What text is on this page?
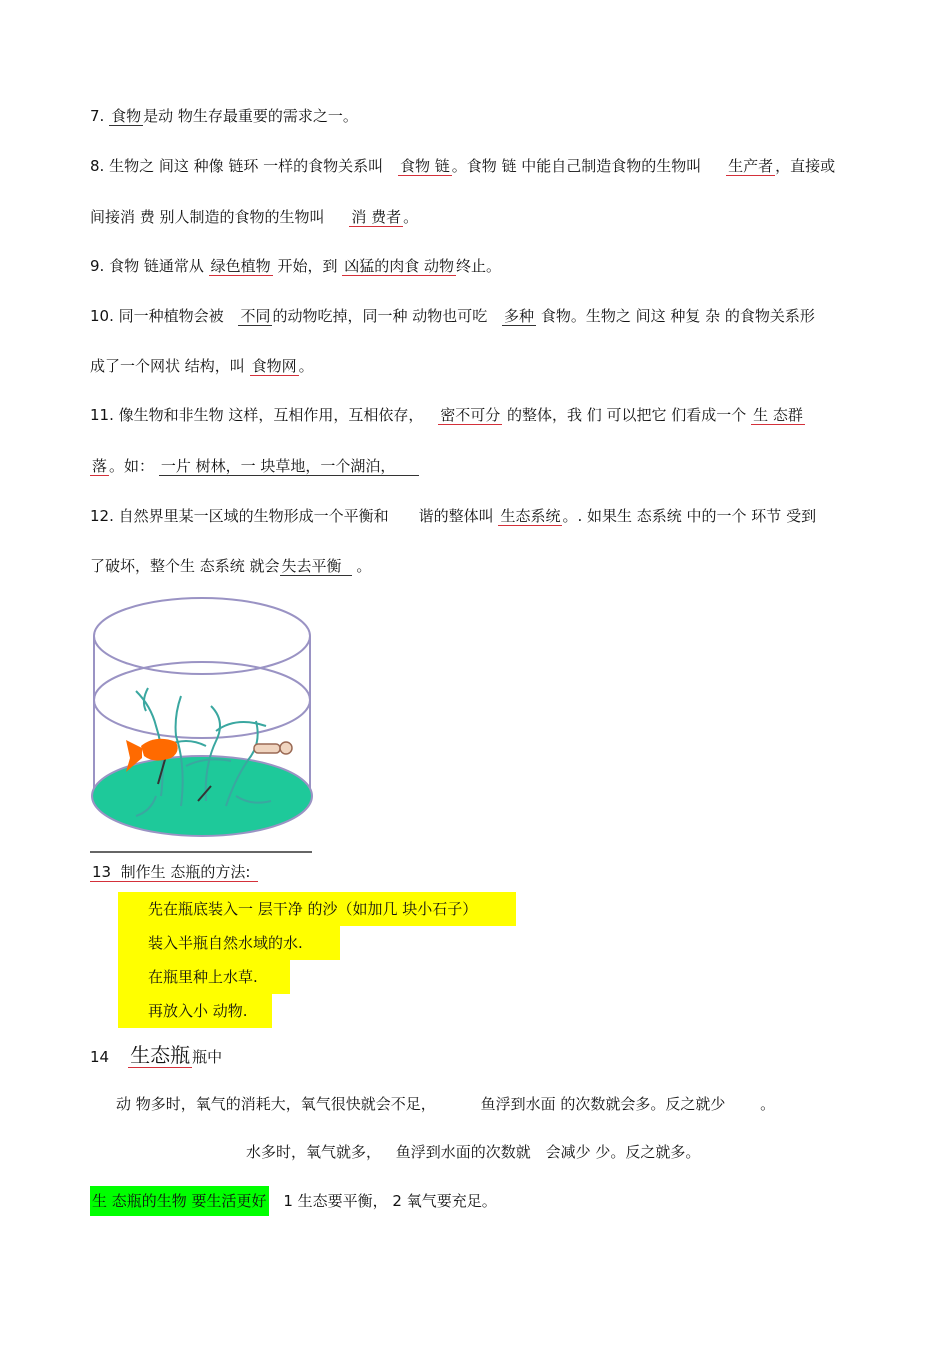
7. 食物 是动 物生存最重要的需求之一。
8. 生物之 间这 种像 链环 一样的食物关系叫 食物 链 。食物 链 中能自己制造食物的生物叫 生产者 ，直接或
间接消 费 别人制造的食物的生物叫 消 费者 。
9. 食物 链通常从 绿色植物 开始，到 凶猛的肉食 动物 终止。
10. 同一种植物会被 不同 的动物吃掉，同一种 动物也可吃 多种 食物。生物之 间这 种复 杂 的食物关系形
成了一个网状 结构，叫 食物网 。
11. 像生物和非生物 这样，互相作用，互相依存， 密不可分 的整体，我 们 可以把它 们看成一个 生 态群
落 。如： 一片 树林，一 块草地，一个湖泊，
12. 自然界里某一区域的生物形成一个平衡和 谐的整体叫 生态系统 。. 如果生 态系统 中的一个 环节 受到
了破坏，整个生 态系统 就会 失去平衡 。
13 制作生 态瓶的方法:
先在瓶底装入一 层干净 的沙（如加几 块小石子）
装入半瓶自然水域的水.
在瓶里种上水草.
再放入小 动物.
14 生态瓶 瓶中
动 物多时，氧气的消耗大，氧气很快就会不足，	鱼浮到水面 的次数就会多。反之就少 。
水多时，氧气就多， 鱼浮到水面的次数就 会减少 少。反之就多。
生 态瓶的生物 要生活更好 1 生态要平衡， 2 氧气要充足。
